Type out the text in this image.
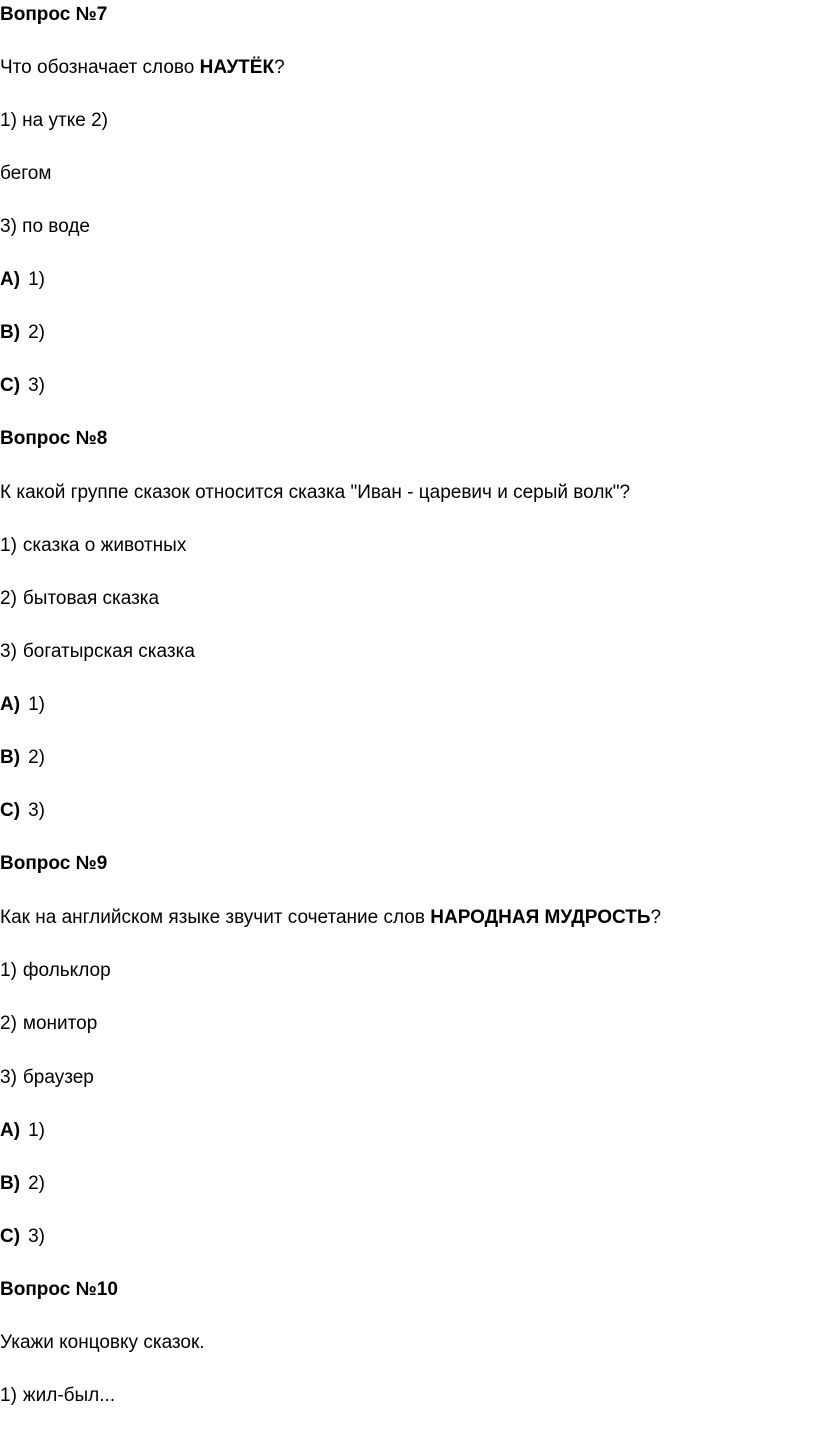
Вопрос №7
Что обозначает слово НАУТЁК?
1) на утке 2)
бегом
3) по воде
А) 1)
В) 2)
С) 3)
Вопрос №8
К какой группе сказок относится сказка "Иван - царевич и серый волк"?
1) сказка о животных
2) бытовая сказка
3) богатырская сказка
А) 1)
В) 2)
С) 3)
Вопрос №9
Как на английском языке звучит сочетание слов НАРОДНАЯ МУДРОСТЬ?
1) фольклор
2) монитор
3) браузер
А) 1)
В) 2)
С) 3)
Вопрос №10
Укажи концовку сказок.
1) жил-был...
